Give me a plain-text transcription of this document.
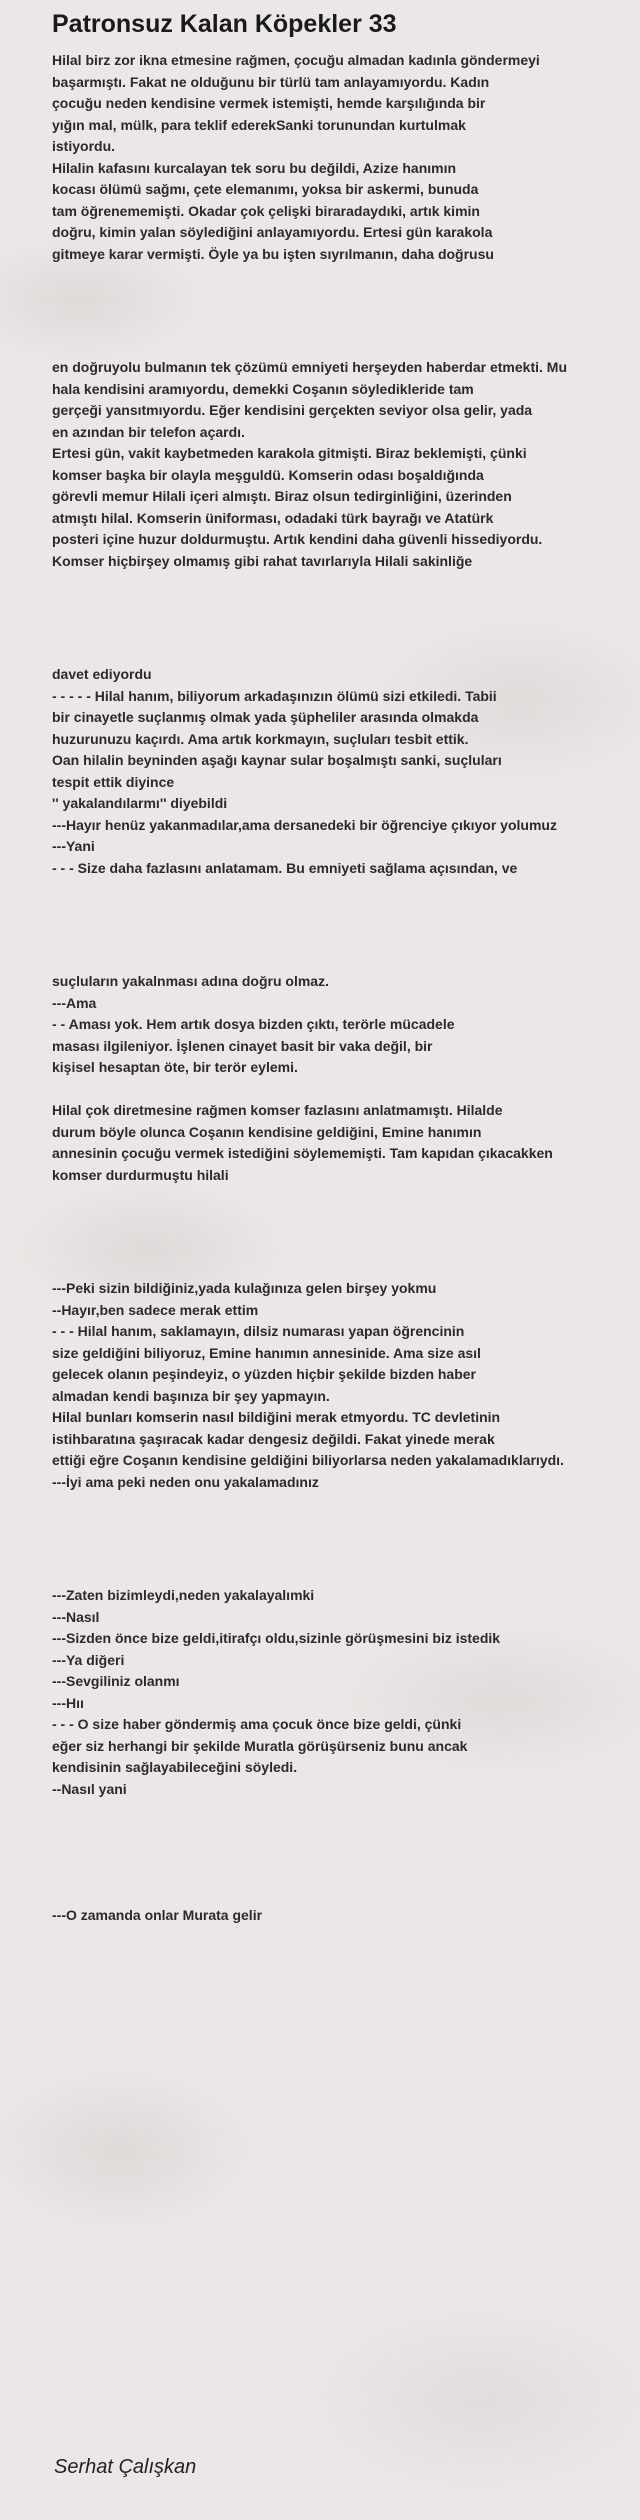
Patronsuz Kalan Köpekler 33
Hilal birz zor ikna etmesine rağmen, çocuğu almadan kadınla göndermeyi
başarmıştı. Fakat ne olduğunu bir türlü tam anlayamıyordu. Kadın
çocuğu neden kendisine vermek istemişti, hemde karşılığında bir
yığın mal, mülk, para teklif ederekSanki torunundan kurtulmak
istiyordu.
Hilalin kafasını kurcalayan tek soru bu değildi, Azize hanımın
kocası ölümü sağmı, çete elemanımı, yoksa bir askermi, bunuda
tam öğrenememişti. Okadar çok çelişki biraradaydıki, artık kimin
doğru, kimin yalan söylediğini anlayamıyordu. Ertesi gün karakola
gitmeye karar vermişti. Öyle ya bu işten sıyrılmanın, daha doğrusu
en doğruyolu bulmanın tek çözümü emniyeti herşeyden haberdar etmekti. Mu
hala kendisini aramıyordu, demekki Coşanın söyledikleride tam
gerçeği yansıtmıyordu. Eğer kendisini gerçekten seviyor olsa gelir, yada
en azından bir telefon açardı.
Ertesi gün, vakit kaybetmeden karakola gitmişti. Biraz beklemişti, çünki
komser başka bir olayla meşguldü. Komserin odası boşaldığında
görevli memur Hilali içeri almıştı. Biraz olsun tedirginliğini, üzerinden
atmıştı hilal. Komserin üniforması, odadaki türk bayrağı ve Atatürk
posteri içine huzur doldurmuştu. Artık kendini daha güvenli hissediyordu.
Komser hiçbirşey olmamış gibi rahat tavırlarıyla Hilali sakinliğe
davet ediyordu
- - - - - Hilal hanım, biliyorum arkadaşınızın ölümü sizi etkiledi. Tabii
bir cinayetle suçlanmış olmak yada şüpheliler arasında olmakda
huzurunuzu kaçırdı. Ama artık korkmayın, suçluları tesbit ettik.
Oan hilalin beyninden aşağı kaynar sular boşalmıştı sanki, suçluları
tespit ettik diyince
'' yakalandılarmı'' diyebildi
---Hayır henüz yakanmadılar,ama dersanedeki bir öğrenciye çıkıyor yolumuz
---Yani
- - - Size daha fazlasını anlatamam. Bu emniyeti sağlama açısından, ve
suçluların yakalnması adına doğru olmaz.
---Ama
- - Aması yok. Hem artık dosya bizden çıktı, terörle mücadele
masası ilgileniyor. İşlenen cinayet basit bir vaka değil, bir
kişisel hesaptan öte, bir terör eylemi.
Hilal çok diretmesine rağmen komser fazlasını anlatmamıştı. Hilalde
durum böyle olunca Coşanın kendisine geldiğini, Emine hanımın
annesinin çocuğu vermek istediğini söylememişti. Tam kapıdan çıkacakken
komser durdurmuştu hilali
---Peki sizin bildiğiniz,yada kulağınıza gelen birşey yokmu
--Hayır,ben sadece merak ettim
- - - Hilal hanım, saklamayın, dilsiz numarası yapan öğrencinin
size geldiğini biliyoruz, Emine hanımın annesinide. Ama size asıl
gelecek olanın peşindeyiz, o yüzden hiçbir şekilde bizden haber
almadan kendi başınıza bir şey yapmayın.
Hilal bunları komserin nasıl bildiğini merak etmyordu. TC devletinin
istihbaratına şaşıracak kadar dengesiz değildi. Fakat yinede merak
ettiği eğre Coşanın kendisine geldiğini biliyorlarsa neden yakalamadıklarıydı.
---İyi ama peki neden onu yakalamadınız
---Zaten bizimleydi,neden yakalayalımki
---Nasıl
---Sizden önce bize geldi,itirafçı oldu,sizinle görüşmesini biz istedik
---Ya diğeri
---Sevgiliniz olanmı
---Hıı
- - - O size haber göndermiş ama çocuk önce bize geldi, çünki
eğer siz herhangi bir şekilde Muratla görüşürseniz bunu ancak
kendisinin sağlayabileceğini söyledi.
--Nasıl yani
---O zamanda onlar Murata gelir

Serhat Çalışkan
